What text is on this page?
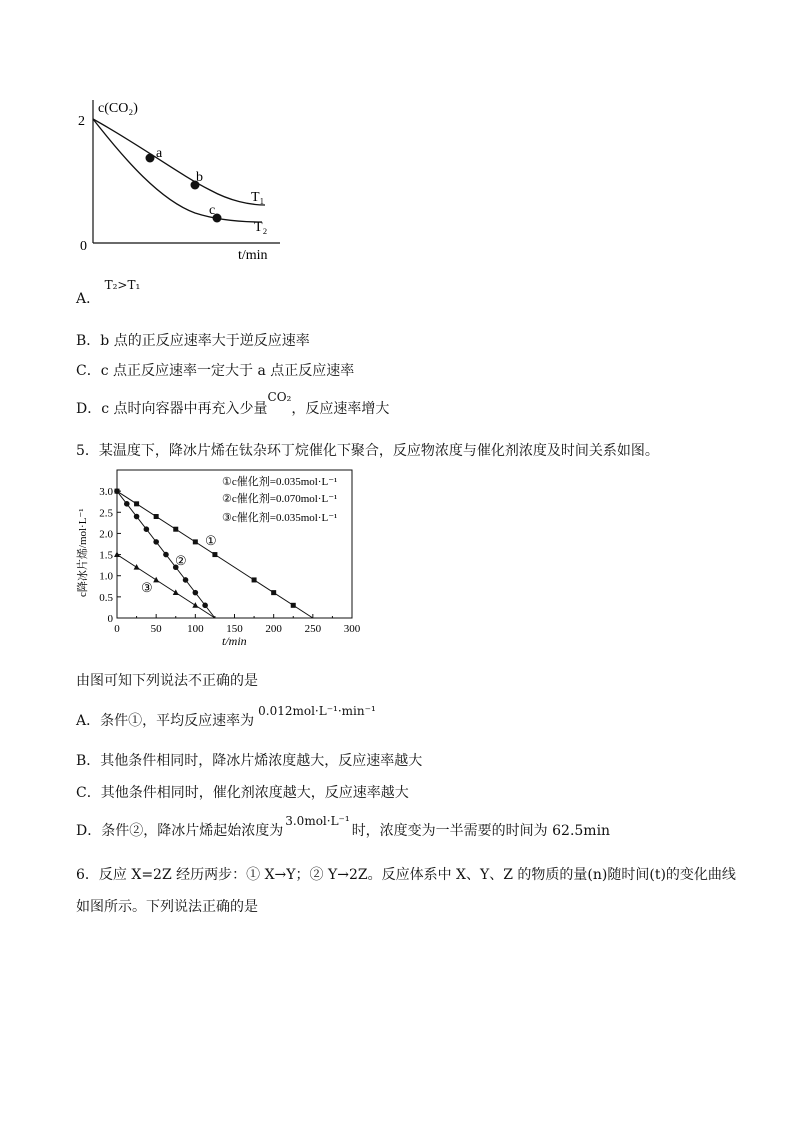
c(CO₂)
2
0
t/min
a
b
c
T₁
T₂
A． T₂>T₁
B．b 点的正反应速率大于逆反应速率
C．c 点正反应速率一定大于 a 点正反应速率
D．c 点时向容器中再充入少量CO₂，反应速率增大
5．某温度下，降冰片烯在钛杂环丁烷催化下聚合，反应物浓度与催化剂浓度及时间关系如图。
0	50 100 150 200 250 300
0
0.5
1.0
1.5
2.0
2.5
3.0
①c催化剂=0.035mol·L⁻¹
②c催化剂=0.070mol·L⁻¹
③c催化剂=0.035mol·L⁻¹
①
②
③
c降冰片烯/mol·L⁻¹
t/min
由图可知下列说法不正确的是
A．条件①，平均反应速率为0.012mol·L⁻¹·min⁻¹
B．其他条件相同时，降冰片烯浓度越大，反应速率越大
C．其他条件相同时，催化剂浓度越大，反应速率越大
D．条件②，降冰片烯起始浓度为3.0mol·L⁻¹时，浓度变为一半需要的时间为 62.5min
6．反应 X=2Z 经历两步：① X→Y；② Y→2Z。反应体系中 X、Y、Z 的物质的量(n)随时间(t)的变化曲线
如图所示。下列说法正确的是
